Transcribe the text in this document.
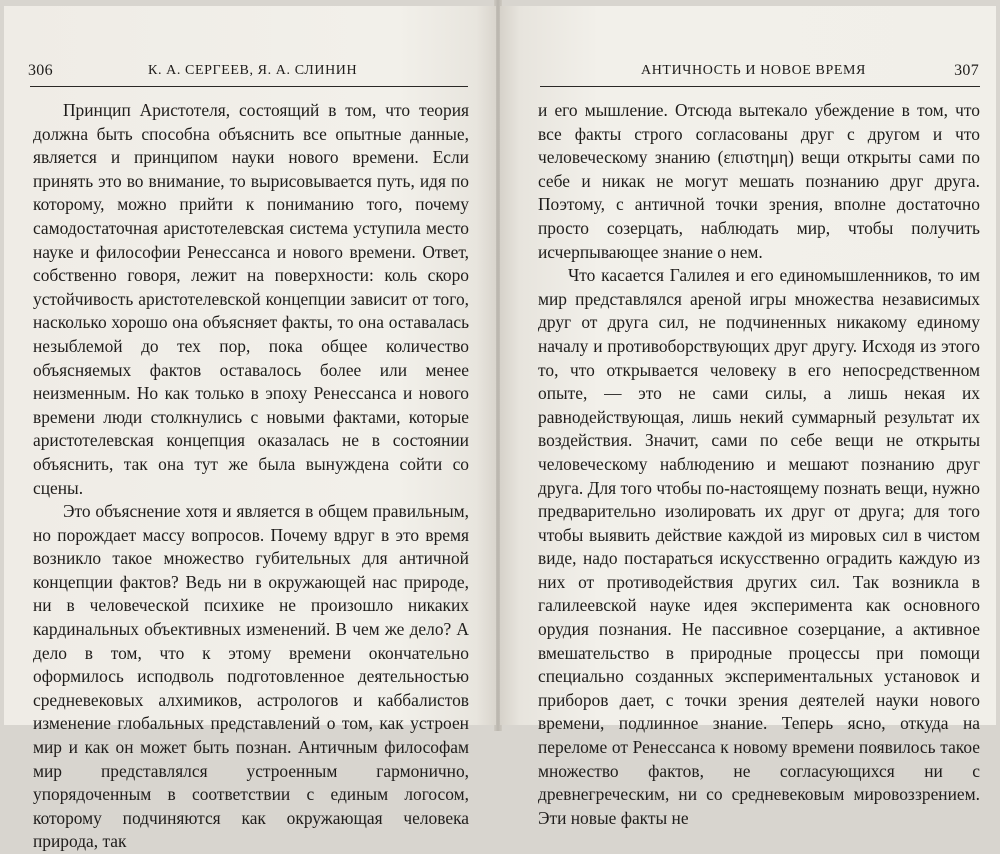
306	К. А. СЕРГЕЕВ, Я. А. СЛИНИН

Принцип Аристотеля, состоящий в том, что теория должна быть способна объяснить все опытные данные, является и принципом науки нового времени. Если принять это во внимание, то вырисовывается путь, идя по которому, можно прийти к пониманию того, почему самодостаточная аристотелевская система уступила место науке и философии Ренессанса и нового времени. Ответ, собственно говоря, лежит на поверхности: коль скоро устойчивость аристотелевской концепции зависит от того, насколько хорошо она объясняет факты, то она оставалась незыблемой до тех пор, пока общее количество объясняемых фактов оставалось более или менее неизменным. Но как только в эпоху Ренессанса и нового времени люди столкнулись с новыми фактами, которые аристотелевская концепция оказалась не в состоянии объяснить, так она тут же была вынуждена сойти со сцены.

Это объяснение хотя и является в общем правильным, но порождает массу вопросов. Почему вдруг в это время возникло такое множество губительных для античной концепции фактов? Ведь ни в окружающей нас природе, ни в человеческой психике не произошло никаких кардинальных объективных изменений. В чем же дело? А дело в том, что к этому времени окончательно оформилось исподволь подготовленное деятельностью средневековых алхимиков, астрологов и каббалистов изменение глобальных представлений о том, как устроен мир и как он может быть познан. Античным философам мир представлялся устроенным гармонично, упорядоченным в соответствии с единым логосом, которому подчиняются как окружающая человека природа, так

АНТИЧНОСТЬ И НОВОЕ ВРЕМЯ	307

и его мышление. Отсюда вытекало убеждение в том, что все факты строго согласованы друг с другом и что человеческому знанию (επιστημη) вещи открыты сами по себе и никак не могут мешать познанию друг друга. Поэтому, с античной точки зрения, вполне достаточно просто созерцать, наблюдать мир, чтобы получить исчерпывающее знание о нем.

Что касается Галилея и его единомышленников, то им мир представлялся ареной игры множества независимых друг от друга сил, не подчиненных никакому единому началу и противоборствующих друг другу. Исходя из этого то, что открывается человеку в его непосредственном опыте, — это не сами силы, а лишь некая их равнодействующая, лишь некий суммарный результат их воздействия. Значит, сами по себе вещи не открыты человеческому наблюдению и мешают познанию друг друга. Для того чтобы по-настоящему познать вещи, нужно предварительно изолировать их друг от друга; для того чтобы выявить действие каждой из мировых сил в чистом виде, надо постараться искусственно оградить каждую из них от противодействия других сил. Так возникла в галилеевской науке идея эксперимента как основного орудия познания. Не пассивное созерцание, а активное вмешательство в природные процессы при помощи специально созданных экспериментальных установок и приборов дает, с точки зрения деятелей науки нового времени, подлинное знание. Теперь ясно, откуда на переломе от Ренессанса к новому времени появилось такое множество фактов, не согласующихся ни с древнегреческим, ни со средневековым мировоззрением. Эти новые факты не
